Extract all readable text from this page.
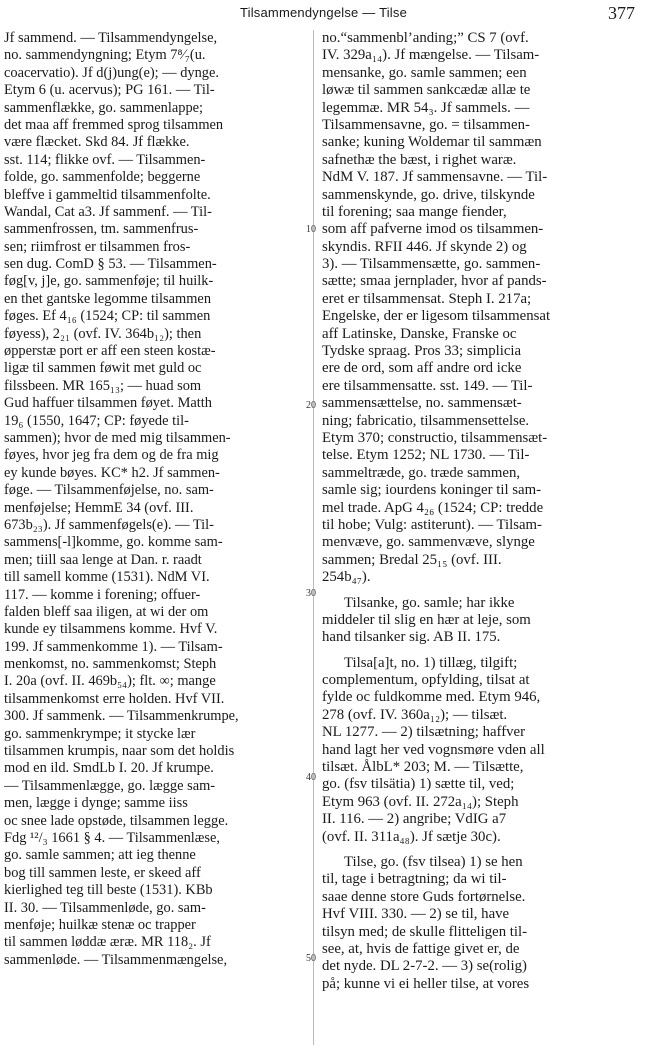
Tilsammendyngelse — Tilse	377
10
20
30
40
50
Jf sammend. — Tilsammendyngelse,
no. sammendyngning; Etym 7⁸⁄₇(u.
coacervatio). Jf d(j)ung(e); — dynge.
Etym 6 (u. acervus); PG 161. — Til-
sammenflække, go. sammenlappe;
det maa aff fremmed sprog tilsammen
være flæcket. Skd 84. Jf flække.
sst. 114; flikke ovf. — Tilsammen-
folde, go. sammenfolde; beggerne
bleffve i gammeltid tilsammenfolte.
Wandal, Cat a3. Jf sammenf. — Til-
sammenfrossen, tm. sammenfrus-
sen; riimfrost er tilsammen fros-
sen dug. ComD § 53. — Tilsammen-
føg[v, j]e, go. sammenføje; til huilk-
en thet gantske legomme tilsammen
føges. Ef 4₁₆ (1524; CP: til sammen
føyess), 2₂₁ (ovf. IV. 364b₁₂); then
øpperstæ port er aff een steen kostæ-
ligæ til sammen føwit met guld oc
filssbeen. MR 165₁₃; — huad som
Gud haffuer tilsammen føyet. Matth
19₆ (1550, 1647; CP: føyede til-
sammen); hvor de med mig tilsammen-
føyes, hvor jeg fra dem og de fra mig
ey kunde bøyes. KC* h2. Jf sammen-
føge. — Tilsammenføjelse, no. sam-
menføjelse; HemmE 34 (ovf. III.
673b₂₃). Jf sammenføgels(e). — Til-
sammens[-l]komme, go. komme sam-
men; tiill saa lenge at Dan. r. raadt
till samell komme (1531). NdM VI.
117. — komme i forening; offuer-
falden bleff saa iligen, at wi der om
kunde ey tilsammens komme. Hvf V.
199. Jf sammenkomme 1). — Tilsam-
menkomst, no. sammenkomst; Steph
I. 20a (ovf. II. 469b₅₄); flt. ∞; mange
tilsammenkomst erre holden. Hvf VII.
300. Jf sammenk. — Tilsammenkrumpe,
go. sammenkrympe; it stycke lær
tilsammen krumpis, naar som det holdis
mod en ild. SmdLb I. 20. Jf krumpe.
— Tilsammenlægge, go. lægge sam-
men, lægge i dynge; samme iiss
oc snee lade opstøde, tilsammen legge.
Fdg ¹²/₃ 1661 § 4. — Tilsammenlæse,
go. samle sammen; att ieg thenne
bog till sammen leste, er skeed aff
kierlighed teg till beste (1531). KBb
II. 30. — Tilsammenløde, go. sam-
menføje; huilkæ stenæ oc trapper
til sammen løddæ æræ. MR 118₂. Jf
sammenløde. — Tilsammenmængelse,
no.“sammenbl’anding;” CS 7 (ovf.
IV. 329a₁₄). Jf mængelse. — Tilsam-
mensanke, go. samle sammen; een
løwæ til sammen sankcædæ allæ te
legemmæ. MR 54₃. Jf sammels. —
Tilsammensavne, go. = tilsammen-
sanke; kuning Woldemar til sammæn
safnethæ the bæst, i righet waræ.
NdM V. 187. Jf sammensavne. — Til-
sammenskynde, go. drive, tilskynde
til forening; saa mange fiender,
som aff pafverne imod os tilsammen-
skyndis. RFII 446. Jf skynde 2) og
3). — Tilsammensætte, go. sammen-
sætte; smaa jernplader, hvor af pands-
eret er tilsammensat. Steph I. 217a;
Engelske, der er ligesom tilsammensat
aff Latinske, Danske, Franske oc
Tydske spraag. Pros 33; simplicia
ere de ord, som aff andre ord icke
ere tilsammensatte. sst. 149. — Til-
sammensættelse, no. sammensæt-
ning; fabricatio, tilsammensettelse.
Etym 370; constructio, tilsammensæt-
telse. Etym 1252; NL 1730. — Til-
sammeltræde, go. træde sammen,
samle sig; iourdens koninger til sam-
mel trade. ApG 4₂₆ (1524; CP: tredde
til hobe; Vulg: astiterunt). — Tilsam-
menvæve, go. sammenvæve, slynge
sammen; Bredal 25₁₅ (ovf. III.
254b₄₇).
Tilsanke, go. samle; har ikke
middeler til slig en hær at leje, som
hand tilsanker sig. AB II. 175.
Tilsa[a]t, no. 1) tillæg, tilgift;
complementum, opfylding, tilsat at
fylde oc fuldkomme med. Etym 946,
278 (ovf. IV. 360a₁₂); — tilsæt.
NL 1277. — 2) tilsætning; haffver
hand lagt her ved vognsmøre vden all
tilsæt. ÅlbL* 203; M. — Tilsætte,
go. (fsv tilsätia) 1) sætte til, ved;
Etym 963 (ovf. II. 272a₁₄); Steph
II. 116. — 2) angribe; VdIG a7
(ovf. II. 311a₄₈). Jf sætje 30c).
Tilse, go. (fsv tilsea) 1) se hen
til, tage i betragtning; da wi til-
saae denne store Guds fortørnelse.
Hvf VIII. 330. — 2) se til, have
tilsyn med; de skulle flitteligen til-
see, at, hvis de fattige givet er, de
det nyde. DL 2-7-2. — 3) se(rolig)
på; kunne vi ei heller tilse, at vores
